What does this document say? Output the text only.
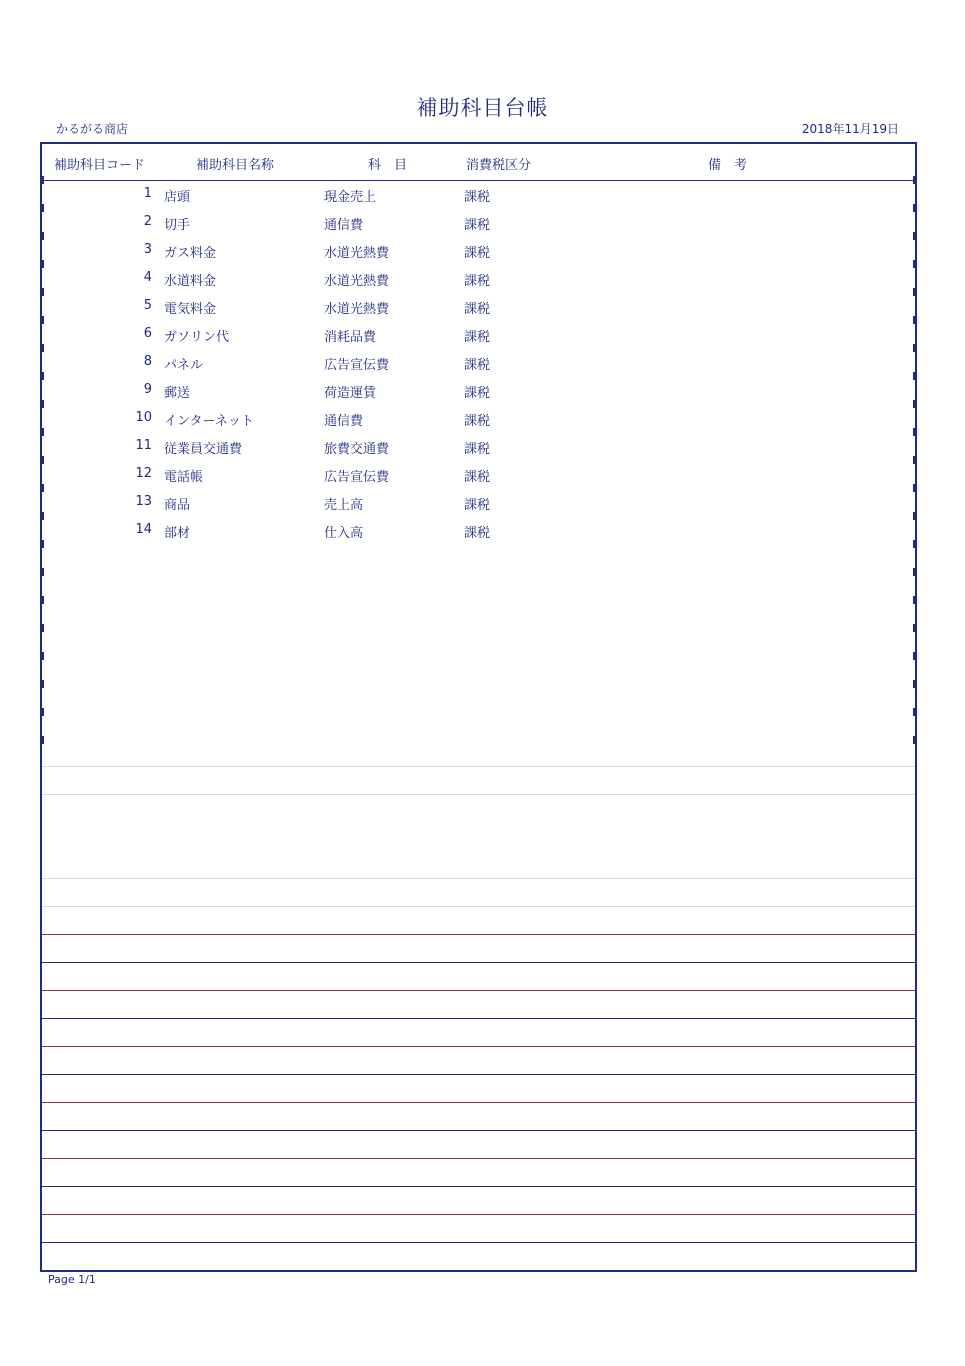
補助科目台帳
かるがる商店	2018年11月19日
補助科目コード	補助科目名称	科　目	消費税区分	備　考
1 店頭	現金売上	課税
2 切手	通信費	課税
3 ガス料金	水道光熱費	課税
4 水道料金	水道光熱費	課税
5 電気料金	水道光熱費	課税
6 ガソリン代	消耗品費	課税
8 パネル	広告宣伝費	課税
9 郵送	荷造運賃	課税
10 インターネット	通信費	課税
11 従業員交通費	旅費交通費	課税
12 電話帳	広告宣伝費	課税
13 商品	売上高	課税
14 部材	仕入高	課税
Page 1/1
